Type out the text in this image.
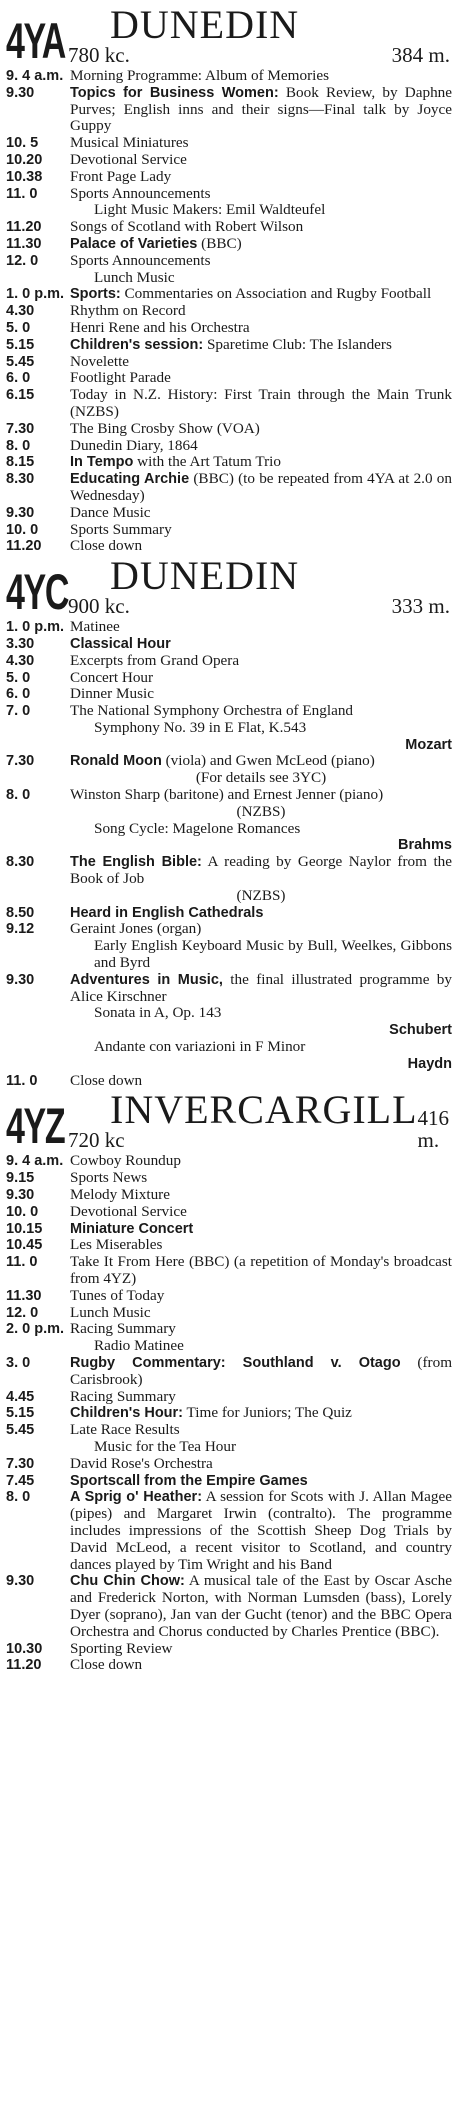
4YA DUNEDIN
780 kc.	384 m.
9. 4 a.m. Morning Programme: Album of Memories
9.30	Topics for Business Women: Book Review, by Daphne Purves; English inns and their signs—Final talk by Joyce Guppy
10. 5	Musical Miniatures
10.20	Devotional Service
10.38	Front Page Lady
11. 0	Sports Announcements
Light Music Makers: Emil Waldteufel
11.20	Songs of Scotland with Robert Wilson
11.30	Palace of Varieties (BBC)
12. 0	Sports Announcements
Lunch Music
1. 0 p.m. Sports: Commentaries on Association and Rugby Football
4.30	Rhythm on Record
5. 0	Henri Rene and his Orchestra
5.15	Children's session: Sparetime Club: The Islanders
5.45	Novelette
6. 0	Footlight Parade
6.15	Today in N.Z. History: First Train through the Main Trunk (NZBS)
7.30	The Bing Crosby Show (VOA)
8. 0	Dunedin Diary, 1864
8.15	In Tempo with the Art Tatum Trio
8.30	Educating Archie (BBC) (to be repeated from 4YA at 2.0 on Wednesday)
9.30	Dance Music
10. 0	Sports Summary
11.20	Close down
4YC DUNEDIN
900 kc.	333 m.
1. 0 p.m. Matinee
3.30	Classical Hour
4.30	Excerpts from Grand Opera
5. 0	Concert Hour
6. 0	Dinner Music
7. 0	The National Symphony Orchestra of England
Symphony No. 39 in E Flat, K.543
Mozart
7.30	Ronald Moon (viola) and Gwen McLeod (piano)
(For details see 3YC)
8. 0	Winston Sharp (baritone) and Ernest Jenner (piano)
(NZBS)
Song Cycle: Magelone Romances
Brahms
8.30	The English Bible: A reading by George Naylor from the Book of Job
(NZBS)
8.50	Heard in English Cathedrals
9.12	Geraint Jones (organ)
Early English Keyboard Music by Bull, Weelkes, Gibbons and Byrd
9.30	Adventures in Music, the final illustrated programme by Alice Kirschner
Sonata in A, Op. 143
Schubert
Andante con variazioni in F Minor
Haydn
11. 0	Close down
4YZ INVERCARGILL
720 kc
416 m.
9. 4 a.m. Cowboy Roundup
9.15	Sports News
9.30	Melody Mixture
10. 0	Devotional Service
10.15	Miniature Concert
10.45	Les Miserables
11. 0	Take It From Here (BBC) (a repetition of Monday's broadcast from 4YZ)
11.30	Tunes of Today
12. 0	Lunch Music
2. 0 p.m. Racing Summary
Radio Matinee
3. 0	Rugby Commentary: Southland v. Otago (from Carisbrook)
4.45	Racing Summary
5.15	Children's Hour: Time for Juniors; The Quiz
5.45	Late Race Results
Music for the Tea Hour
7.30	David Rose's Orchestra
7.45	Sportscall from the Empire Games
8. 0	A Sprig o' Heather: A session for Scots with J. Allan Magee (pipes) and Margaret Irwin (contralto). The programme includes impressions of the Scottish Sheep Dog Trials by David McLeod, a recent visitor to Scotland, and country dances played by Tim Wright and his Band
9.30	Chu Chin Chow: A musical tale of the East by Oscar Asche and Frederick Norton, with Norman Lumsden (bass), Lorely Dyer (soprano), Jan van der Gucht (tenor) and the BBC Opera Orchestra and Chorus conducted by Charles Prentice (BBC).
10.30	Sporting Review
11.20	Close down
